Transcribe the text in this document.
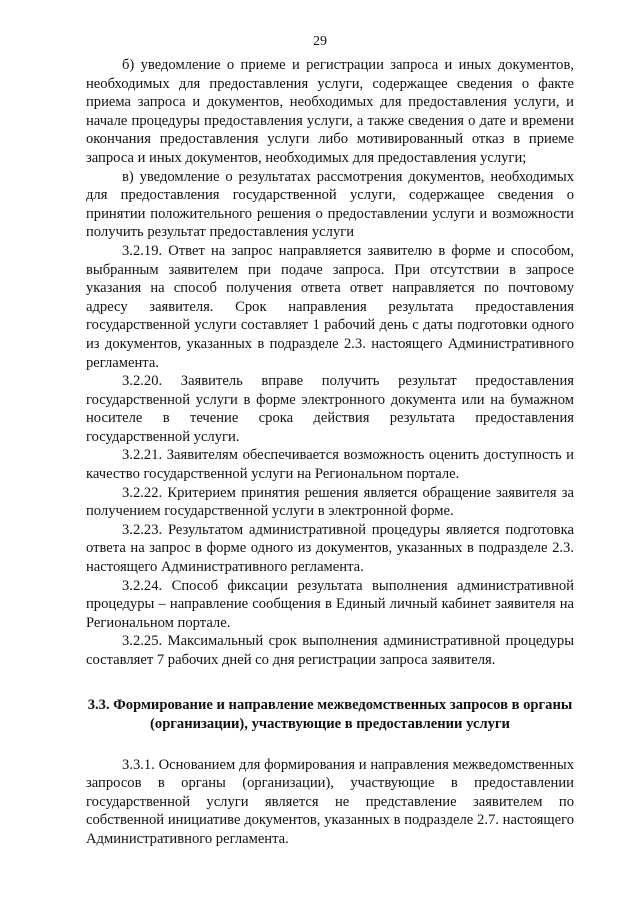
29

б) уведомление о приеме и регистрации запроса и иных документов, необходимых для предоставления услуги, содержащее сведения о факте приема запроса и документов, необходимых для предоставления услуги, и начале процедуры предоставления услуги, а также сведения о дате и времени окончания предоставления услуги либо мотивированный отказ в приеме запроса и иных документов, необходимых для предоставления услуги;

в) уведомление о результатах рассмотрения документов, необходимых для предоставления государственной услуги, содержащее сведения о принятии положительного решения о предоставлении услуги и возможности получить результат предоставления услуги

3.2.19. Ответ на запрос направляется заявителю в форме и способом, выбранным заявителем при подаче запроса. При отсутствии в запросе указания на способ получения ответа ответ направляется по почтовому адресу заявителя. Срок направления результата предоставления государственной услуги составляет 1 рабочий день с даты подготовки одного из документов, указанных в подразделе 2.3. настоящего Административного регламента.

3.2.20. Заявитель вправе получить результат предоставления государственной услуги в форме электронного документа или на бумажном носителе в течение срока действия результата предоставления государственной услуги.

3.2.21. Заявителям обеспечивается возможность оценить доступность и качество государственной услуги на Региональном портале.

3.2.22. Критерием принятия решения является обращение заявителя за получением государственной услуги в электронной форме.

3.2.23. Результатом административной процедуры является подготовка ответа на запрос в форме одного из документов, указанных в подразделе 2.3. настоящего Административного регламента.

3.2.24. Способ фиксации результата выполнения административной процедуры – направление сообщения в Единый личный кабинет заявителя на Региональном портале.

3.2.25. Максимальный срок выполнения административной процедуры составляет 7 рабочих дней со дня регистрации запроса заявителя.

3.3. Формирование и направление межведомственных запросов в органы (организации), участвующие в предоставлении услуги

3.3.1. Основанием для формирования и направления межведомственных запросов в органы (организации), участвующие в предоставлении государственной услуги является не представление заявителем по собственной инициативе документов, указанных в подразделе 2.7. настоящего Административного регламента.
